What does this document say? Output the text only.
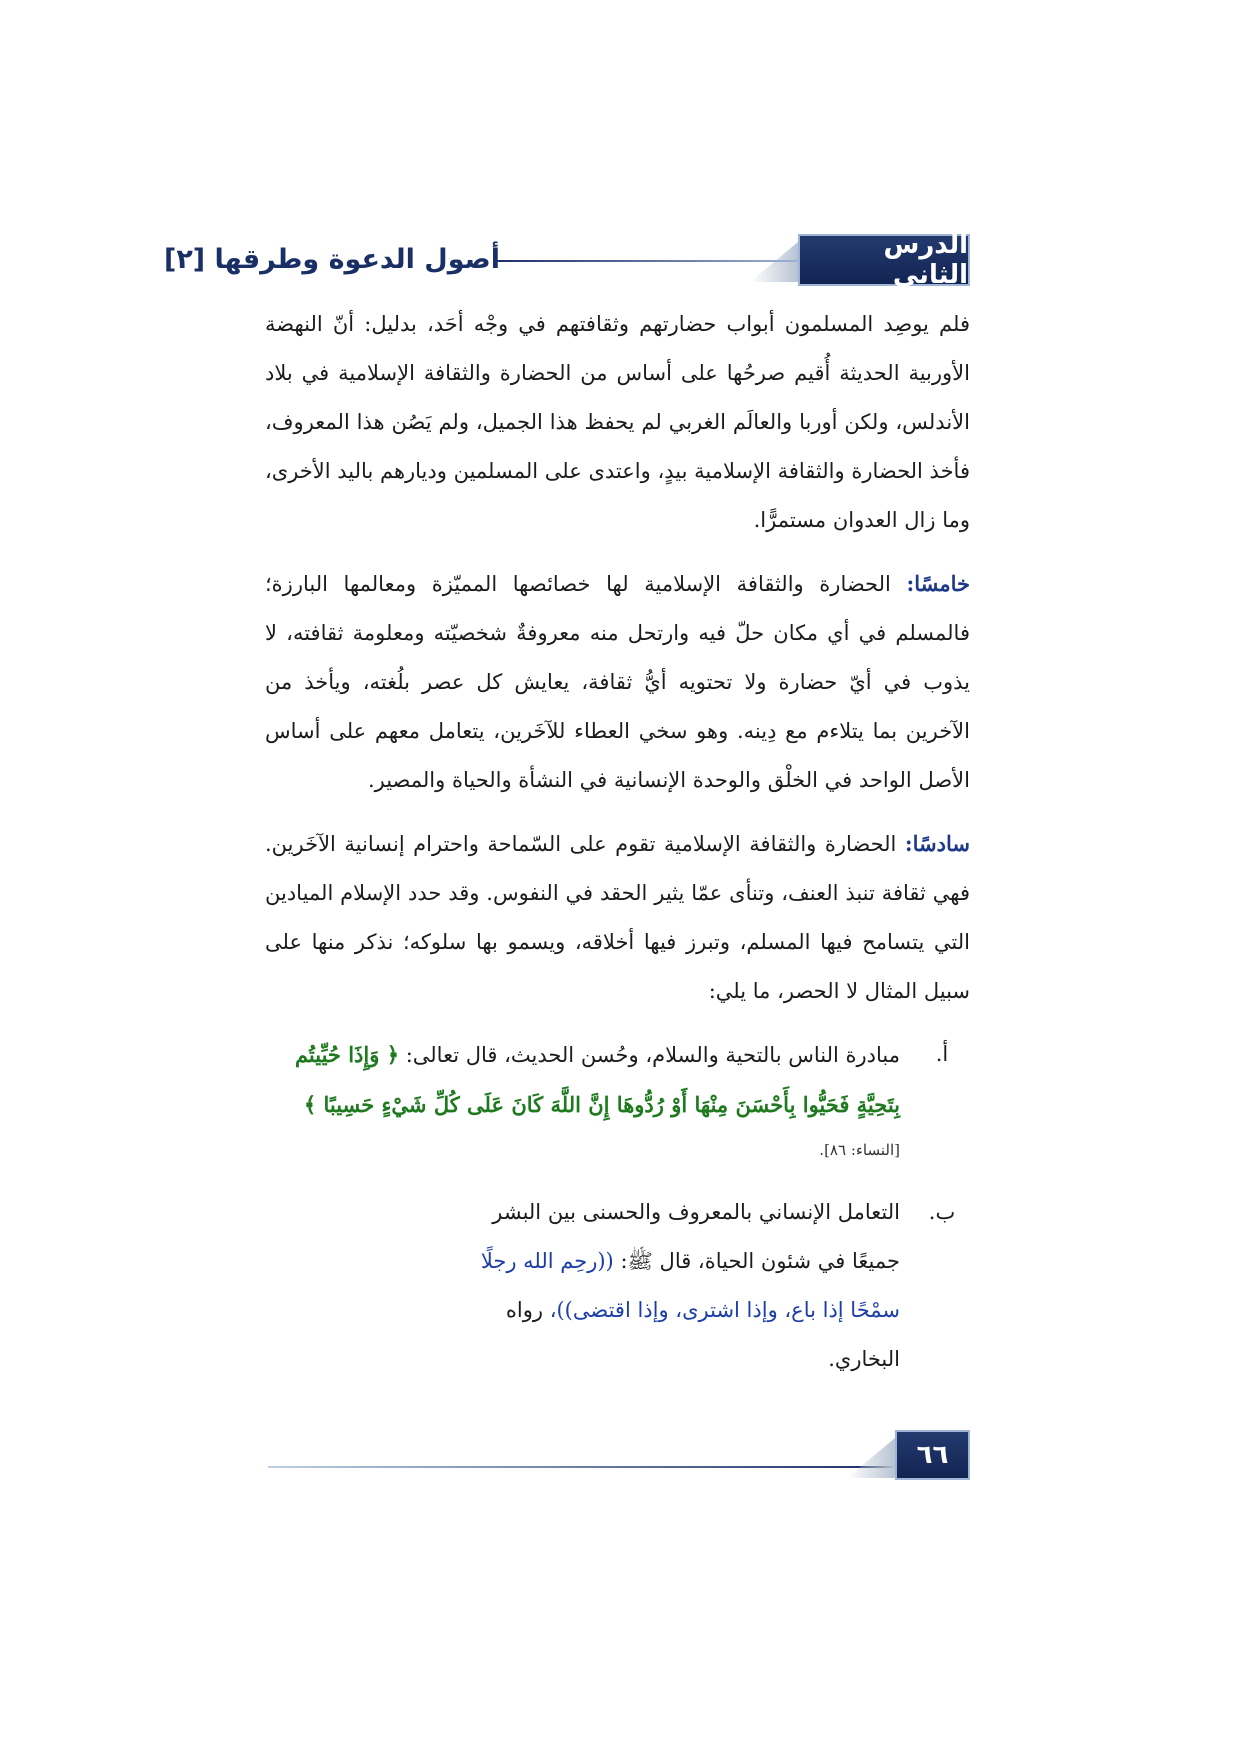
الدرس الثاني
أصول الدعوة وطرقها [٢]

فلم يوصِد المسلمون أبواب حضارتهم وثقافتهم في وجْه أحَد، بدليل: أنّ النهضة الأوربية الحديثة أُقيم صرحُها على أساس من الحضارة والثقافة الإسلامية في بلاد الأندلس، ولكن أوربا والعالَم الغربي لم يحفظ هذا الجميل، ولم يَصُن هذا المعروف، فأخذ الحضارة والثقافة الإسلامية بيدٍ، واعتدى على المسلمين وديارهم باليد الأخرى، وما زال العدوان مستمرًّا.

خامسًا: الحضارة والثقافة الإسلامية لها خصائصها المميّزة ومعالمها البارزة؛ فالمسلم في أي مكان حلّ فيه وارتحل منه معروفةٌ شخصيّته ومعلومة ثقافته، لا يذوب في أيّ حضارة ولا تحتويه أيُّ ثقافة، يعايش كل عصر بلُغته، ويأخذ من الآخرين بما يتلاءم مع دِينه. وهو سخي العطاء للآخَرين، يتعامل معهم على أساس الأصل الواحد في الخلْق والوحدة الإنسانية في النشأة والحياة والمصير.

سادسًا: الحضارة والثقافة الإسلامية تقوم على السّماحة واحترام إنسانية الآخَرين. فهي ثقافة تنبذ العنف، وتنأى عمّا يثير الحقد في النفوس. وقد حدد الإسلام الميادين التي يتسامح فيها المسلم، وتبرز فيها أخلاقه، ويسمو بها سلوكه؛ نذكر منها على سبيل المثال لا الحصر، ما يلي:

أ.
مبادرة الناس بالتحية والسلام، وحُسن الحديث، قال تعالى: ﴿ وَإِذَا حُيِّيتُم بِتَحِيَّةٍ فَحَيُّوا بِأَحْسَنَ مِنْهَا أَوْ رُدُّوهَا إِنَّ اللَّهَ كَانَ عَلَى كُلِّ شَيْءٍ حَسِيبًا ﴾
[النساء: ٨٦].
ب.
التعامل الإنساني بالمعروف والحسنى بين البشر جميعًا في شئون الحياة، قال ﷺ: ((رحِم الله رجلًا سمْحًا إذا باع، وإذا اشترى، وإذا اقتضى))، رواه البخاري.
٦٦
